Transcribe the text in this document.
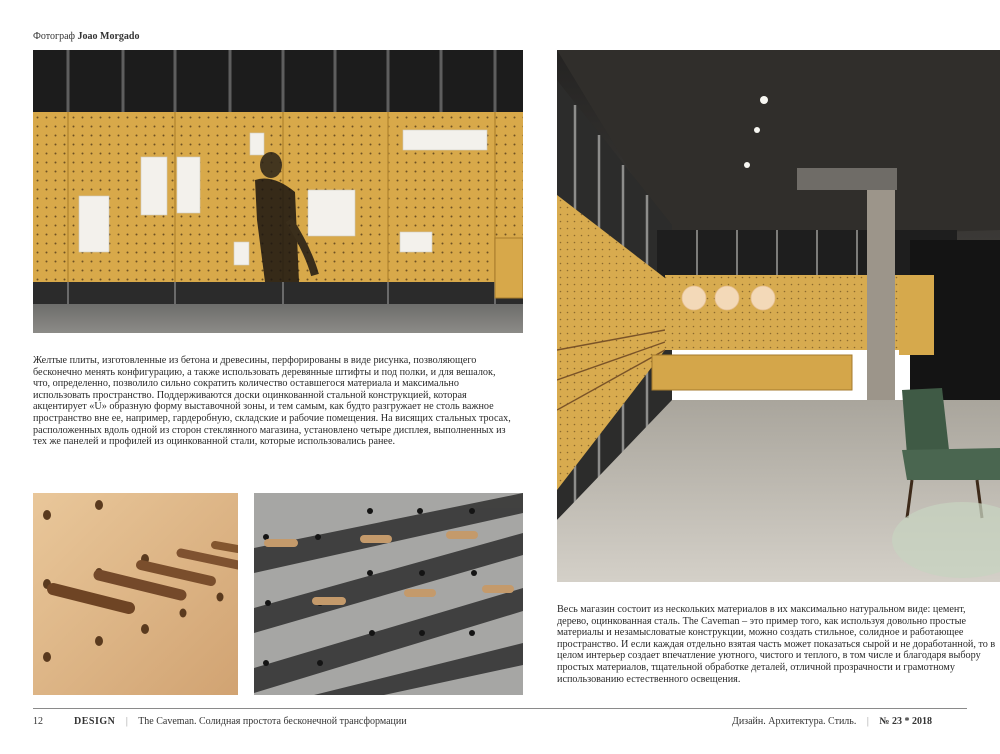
Фотограф Joao Morgado

Желтые плиты, изготовленные из бетона и древесины, перфорированы в виде рисунка, позволяющего бесконечно менять конфигурацию, а также использовать деревянные штифты и под полки, и для вешалок, что, определенно, позволило сильно сократить количество оставшегося материала и максимально использовать пространство. Поддерживаются доски оцинкованной стальной конструкцией, которая акцентирует «U» образную форму выставочной зоны, и тем самым, как будто разгружает не столь важное пространство вне ее, например, гардеробную, складские и рабочие помещения. На висящих стальных тросах, расположенных вдоль одной из сторон стеклянного магазина, установлено четыре дисплея, выполненных из тех же панелей и профилей из оцинкованной стали, которые использовались ранее.

Весь магазин состоит из нескольких материалов в их максимально натуральном виде: цемент, дерево, оцинкованная сталь. The Caveman – это пример того, как используя довольно простые материалы и незамысловатые конструкции, можно создать стильное, солидное и работающее пространство. И если каждая отдельно взятая часть может показаться сырой и не доработанной, то в целом интерьер создает впечатление уютного, чистого и теплого, в том числе и благодаря выбору простых материалов, тщательной обработке деталей, отличной прозрачности и грамотному использованию естественного освещения.

12	DESIGN | The Caveman. Солидная простота бесконечной трансформации	Дизайн. Архитектура. Стиль. | № 23 * 2018
